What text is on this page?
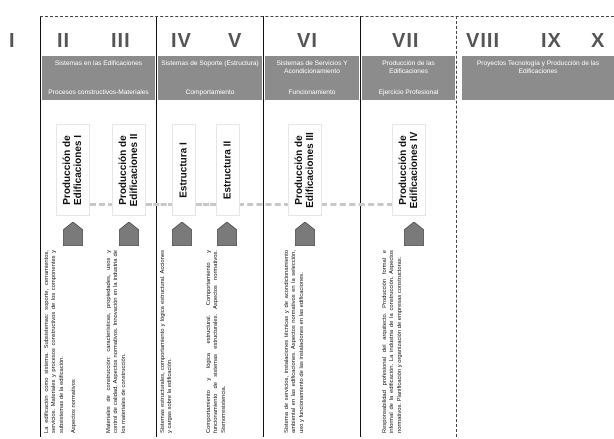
I II III IV V	VI	VII VIII IX X
Sistemas en las Edificaciones
Procesos constructivos-Materiales
Sistemas de Soporte (Estructura)
Comportamiento
Sistemas de Servicios Y Acondicionamiento
Funcionamiento
Producción de las Edificaciones
Ejercicio Profesional
Proyectos Tecnología y Producción de las Edificaciones
Producción de Edificaciones I	Producción de Edificaciones II	Estructura I	Estructura II	Producción de Edificaciones III	Producción de Edificaciones IV

La edificación como sistema. Subsistemas: soporte, cerramientos, servicios. Materiales y procesos constructivos de los componentes y subsistemas de la edificación. Aspectos normativos	Materiales de construcción: características, propiedades, usos y control de calidad. Aspectos normativos. Innovación en la industria de los materiales de construcción.	Sistemas estructurales, comportamiento y lógica estructural. Acciones y cargas sobre la edificación.	Comportamiento y lógica estructural. Comportamiento y funcionamiento de sistemas estructurales. Aspectos normativos. Sismorresistencia.	Sistema de servicios, instalaciones técnicas y de acondicionamiento ambiental en las edificaciones. Aspectos normativos en la selección, uso y funcionamiento de las instalaciones en las edificaciones.	Responsabilidad profesional del arquitecto. Producción formal e informal de la edificación. La industria de la construcción. Aspectos normativos. Planificación y organización de empresas constructoras.
